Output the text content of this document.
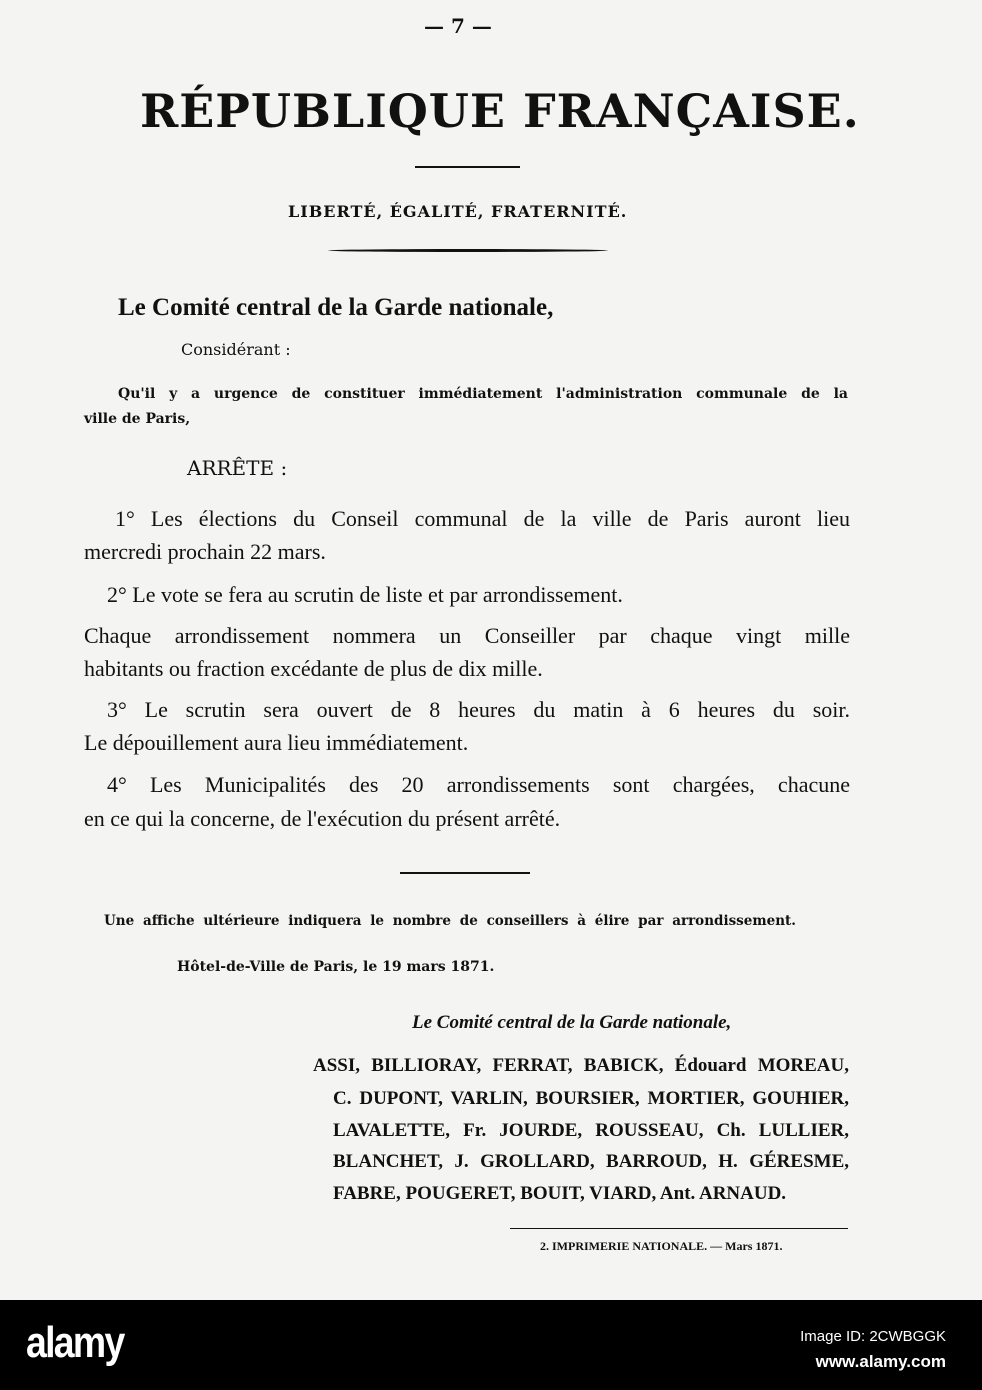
— 7 —
RÉPUBLIQUE FRANÇAISE.
LIBERTÉ, ÉGALITÉ, FRATERNITÉ.
Le Comité central de la Garde nationale,
Considérant :
Qu'il y a urgence de constituer immédiatement l'administration communale de la
ville de Paris,
ARRÊTE :
1° Les élections du Conseil communal de la ville de Paris auront lieu
mercredi prochain 22 mars.
2° Le vote se fera au scrutin de liste et par arrondissement.
Chaque arrondissement nommera un Conseiller par chaque vingt mille
habitants ou fraction excédante de plus de dix mille.
3° Le scrutin sera ouvert de 8 heures du matin à 6 heures du soir.
Le dépouillement aura lieu immédiatement.
4° Les Municipalités des 20 arrondissements sont chargées, chacune
en ce qui la concerne, de l'exécution du présent arrêté.
Une affiche ultérieure indiquera le nombre de conseillers à élire par arrondissement.
Hôtel-de-Ville de Paris, le 19 mars 1871.
Le Comité central de la Garde nationale,
ASSI, BILLIORAY, FERRAT, BABICK, Édouard MOREAU,
C. DUPONT, VARLIN, BOURSIER, MORTIER, GOUHIER,
LAVALETTE, Fr. JOURDE, ROUSSEAU, Ch. LULLIER,
BLANCHET, J. GROLLARD, BARROUD, H. GÉRESME,
FABRE, POUGERET, BOUIT, VIARD, Ant. ARNAUD.
2. IMPRIMERIE NATIONALE. — Mars 1871.
alamy	Image ID: 2CWBGGK
www.alamy.com
